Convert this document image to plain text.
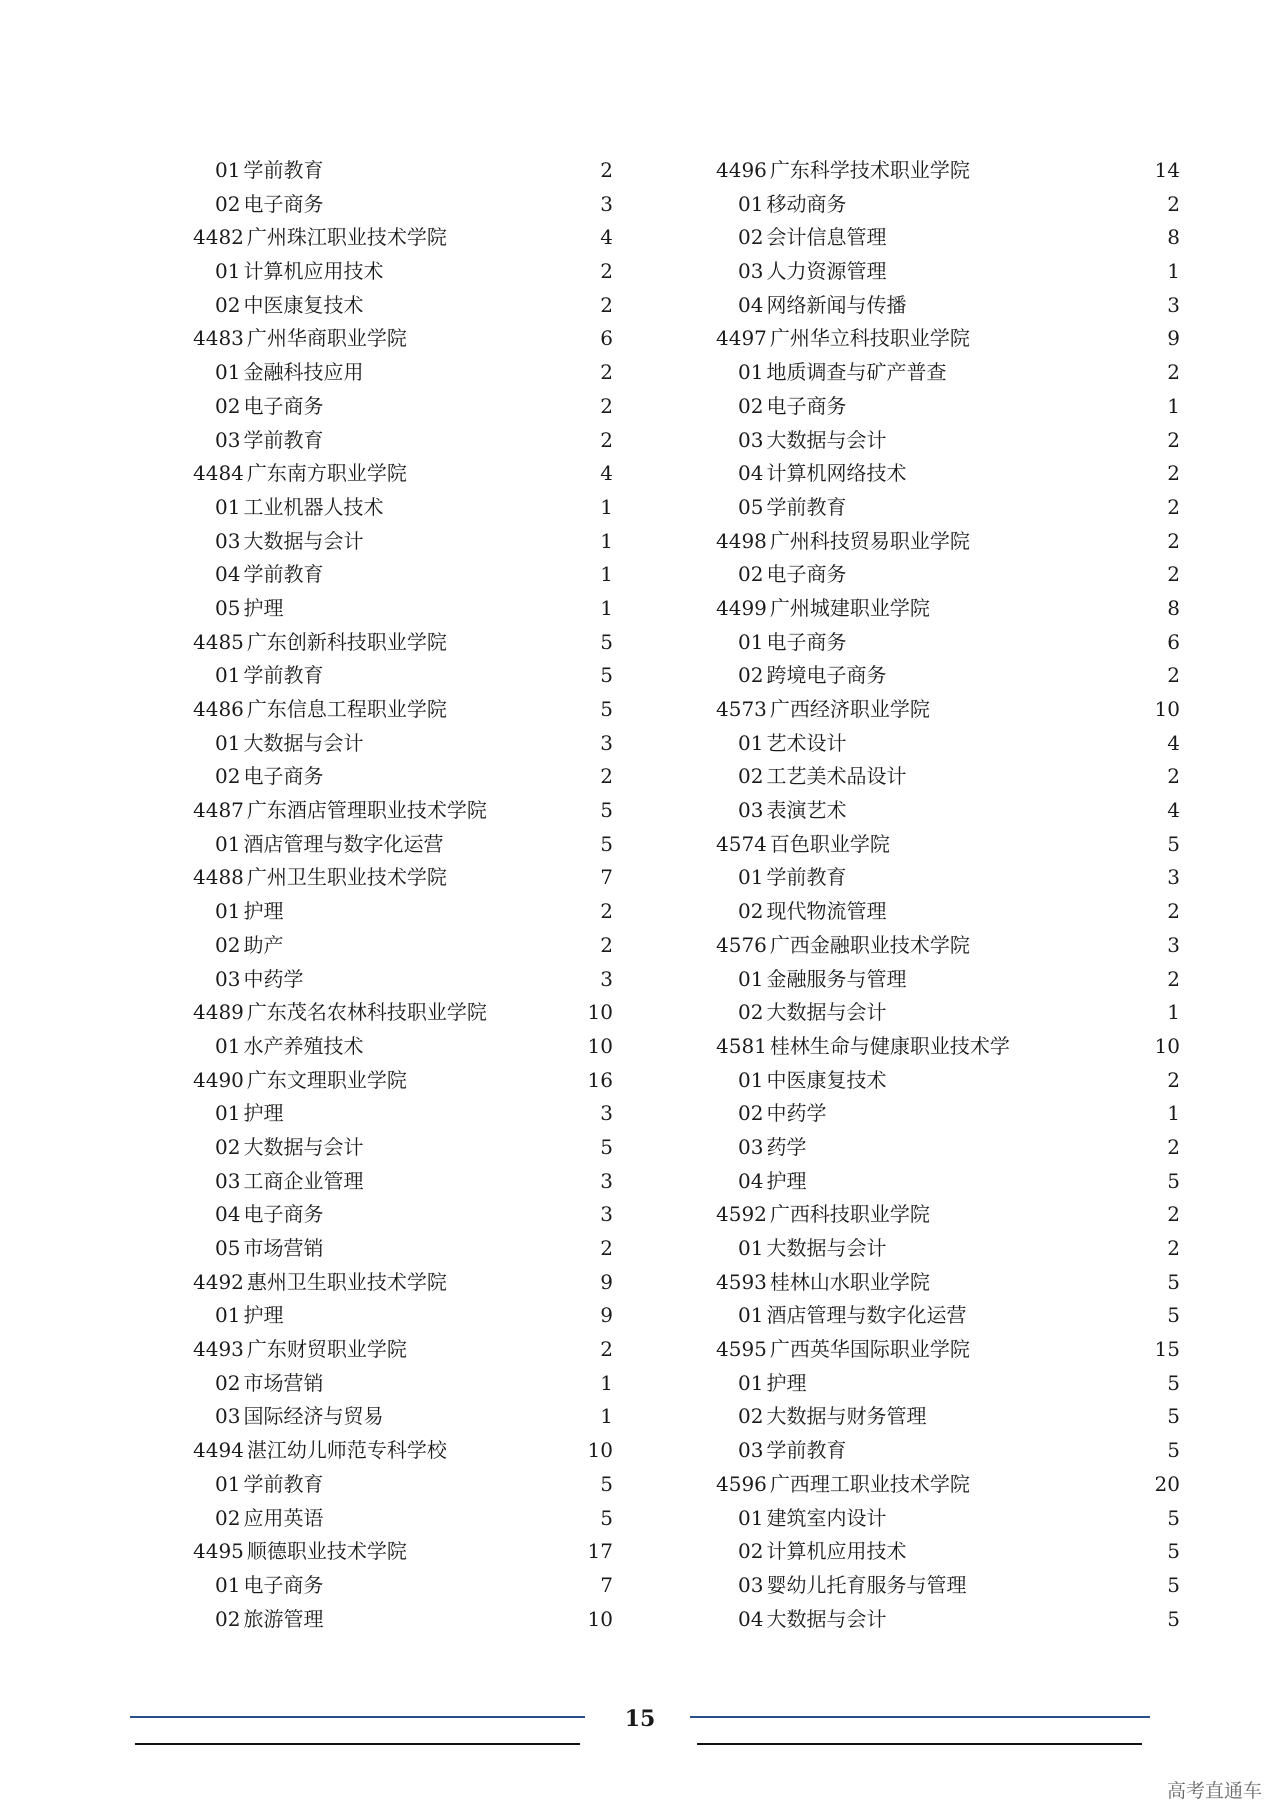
01 学前教育	2
02 电子商务	3
4482 广州珠江职业技术学院	4
01 计算机应用技术	2
02 中医康复技术	2
4483 广州华商职业学院	6
01 金融科技应用	2
02 电子商务	2
03 学前教育	2
4484 广东南方职业学院	4
01 工业机器人技术	1
03 大数据与会计	1
04 学前教育	1
05 护理	1
4485 广东创新科技职业学院	5
01 学前教育	5
4486 广东信息工程职业学院	5
01 大数据与会计	3
02 电子商务	2
4487 广东酒店管理职业技术学院	5
01 酒店管理与数字化运营	5
4488 广州卫生职业技术学院	7
01 护理	2
02 助产	2
03 中药学	3
4489 广东茂名农林科技职业学院	10
01 水产养殖技术	10
4490 广东文理职业学院	16
01 护理	3
02 大数据与会计	5
03 工商企业管理	3
04 电子商务	3
05 市场营销	2
4492 惠州卫生职业技术学院	9
01 护理	9
4493 广东财贸职业学院	2
02 市场营销	1
03 国际经济与贸易	1
4494 湛江幼儿师范专科学校	10
01 学前教育	5
02 应用英语	5
4495 顺德职业技术学院	17
01 电子商务	7
02 旅游管理	10
4496 广东科学技术职业学院	14
01 移动商务	2
02 会计信息管理	8
03 人力资源管理	1
04 网络新闻与传播	3
4497 广州华立科技职业学院	9
01 地质调查与矿产普查	2
02 电子商务	1
03 大数据与会计	2
04 计算机网络技术	2
05 学前教育	2
4498 广州科技贸易职业学院	2
02 电子商务	2
4499 广州城建职业学院	8
01 电子商务	6
02 跨境电子商务	2
4573 广西经济职业学院	10
01 艺术设计	4
02 工艺美术品设计	2
03 表演艺术	4
4574 百色职业学院	5
01 学前教育	3
02 现代物流管理	2
4576 广西金融职业技术学院	3
01 金融服务与管理	2
02 大数据与会计	1
4581 桂林生命与健康职业技术学	10
01 中医康复技术	2
02 中药学	1
03 药学	2
04 护理	5
4592 广西科技职业学院	2
01 大数据与会计	2
4593 桂林山水职业学院	5
01 酒店管理与数字化运营	5
4595 广西英华国际职业学院	15
01 护理	5
02 大数据与财务管理	5
03 学前教育	5
4596 广西理工职业技术学院	20
01 建筑室内设计	5
02 计算机应用技术	5
03 婴幼儿托育服务与管理	5
04 大数据与会计	5
15
高考直通车
